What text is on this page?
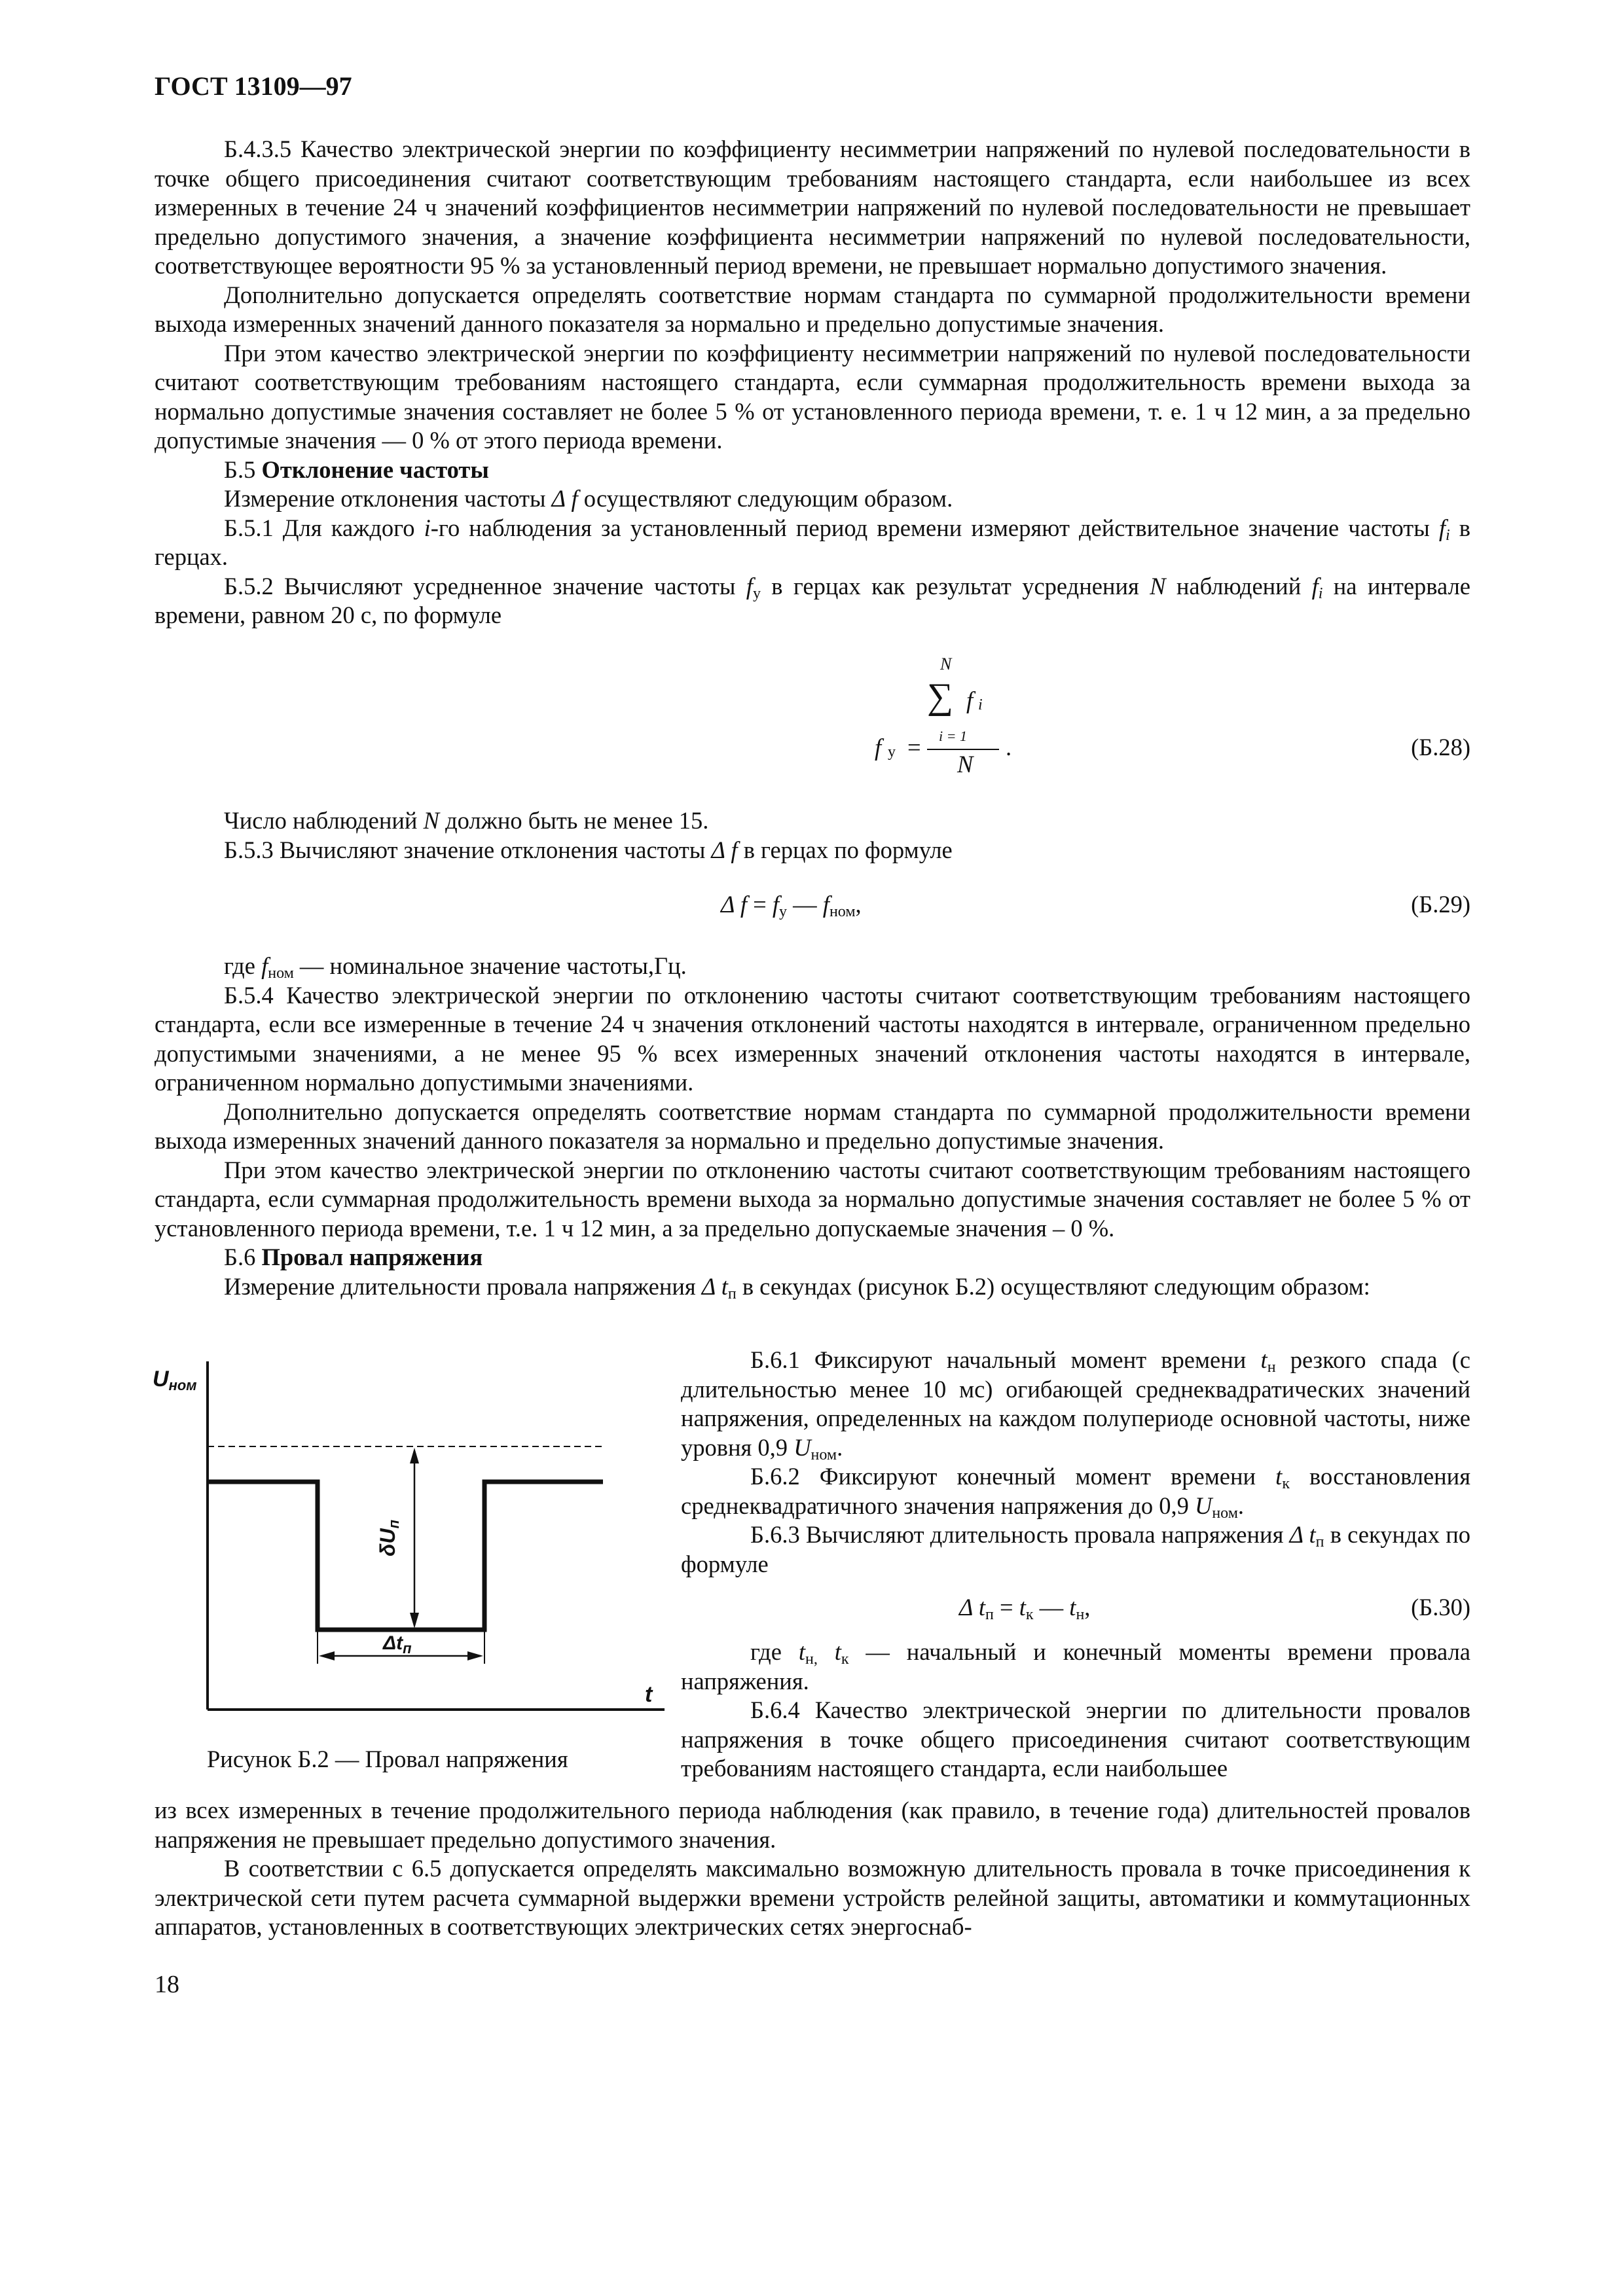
ГОСТ 13109—97

Б.4.3.5 Качество электрической энергии по коэффициенту несимметрии напряжений по нулевой последовательности в точке общего присоединения считают соответствующим требованиям настоящего стандарта, если наибольшее из всех измеренных в течение 24 ч значений коэффициентов несимметрии напряжений по нулевой последовательности не превышает предельно допустимого значения, а значение коэффициента несимметрии напряжений по нулевой последовательности, соответствующее вероятности 95 % за установленный период времени, не превышает нормально допустимого значения.

Дополнительно допускается определять соответствие нормам стандарта по суммарной продолжительности времени выхода измеренных значений данного показателя за нормально и предельно допустимые значения.

При этом качество электрической энергии по коэффициенту несимметрии напряжений по нулевой последовательности считают соответствующим требованиям настоящего стандарта, если суммарная продолжительность времени выхода за нормально допустимые значения составляет не более 5 % от установленного периода времени, т. е. 1 ч 12 мин, а за предельно допустимые значения — 0 % от этого периода времени.

Б.5 Отклонение частоты

Измерение отклонения частоты Δ f осуществляют следующим образом.

Б.5.1 Для каждого i-го наблюдения за установленный период времени измеряют действительное значение частоты $f_i$ в герцах.

Б.5.2 Вычисляют усредненное значение частоты $f_у$ в герцах как результат усреднения N наблюдений $f_i$ на интервале времени, равном 20 с, по формуле

N
∑ f i
i = 1
f у =
N
.	(Б.28)

Число наблюдений N должно быть не менее 15.

Б.5.3 Вычисляют значение отклонения частоты Δ f в герцах по формуле

Δ $f = f_у$ — $f_{ном}$,	(Б.29)

где $f_{ном}$ — номинальное значение частоты,Гц.

Б.5.4 Качество электрической энергии по отклонению частоты считают соответствующим требованиям настоящего стандарта, если все измеренные в течение 24 ч значения отклонений частоты находятся в интервале, ограниченном предельно допустимыми значениями, а не менее 95 % всех измеренных значений отклонения частоты находятся в интервале, ограниченном нормально допустимыми значениями.

Дополнительно допускается определять соответствие нормам стандарта по суммарной продолжительности времени выхода измеренных значений данного показателя за нормально и предельно допустимые значения.

При этом качество электрической энергии по отклонению частоты считают соответствующим требованиям настоящего стандарта, если суммарная продолжительность времени выхода за нормально допустимые значения составляет не более 5 % от установленного периода времени, т.е. 1 ч 12 мин, а за предельно допускаемые значения – 0 %.

Б.6 Провал напряжения

Измерение длительности провала напряжения Δ $t_п$ в секундах (рисунок Б.2) осуществляют следующим образом:

Б.6.1 Фиксируют начальный момент времени $t_н$ резкого спада (с длительностью менее 10 мс) огибающей среднеквадратических значений напряжения, определенных на каждом полупериоде основной частоты, ниже уровня 0,9 $U_{ном}$.

Б.6.2 Фиксируют конечный момент времени $t_к$ восстановления среднеквадратичного значения напряжения до 0,9 $U_{ном}$.

Б.6.3 Вычисляют длительность провала напряжения Δ $t_п$ в секундах по формуле

Δ $t_п = t_к$ — $t_н$,	(Б.30)

где $t_{н,}$ $t_к$ — начальный и конечный моменты времени провала напряжения.

Б.6.4 Качество электрической энергии по длительности провалов напряжения в точке общего присоединения считают соответствующим требованиям настоящего стандарта, если наибольшее

Uном
t
δUп
$\Delta t_п$
Рисунок Б.2 — Провал напряжения

из всех измеренных в течение продолжительного периода наблюдения (как правило, в течение года) длительностей провалов напряжения не превышает предельно допустимого значения.

В соответствии с 6.5 допускается определять максимально возможную длительность провала в точке присоединения к электрической сети путем расчета суммарной выдержки времени устройств релейной защиты, автоматики и коммутационных аппаратов, установленных в соответствующих электрических сетях энергоснаб-

18
